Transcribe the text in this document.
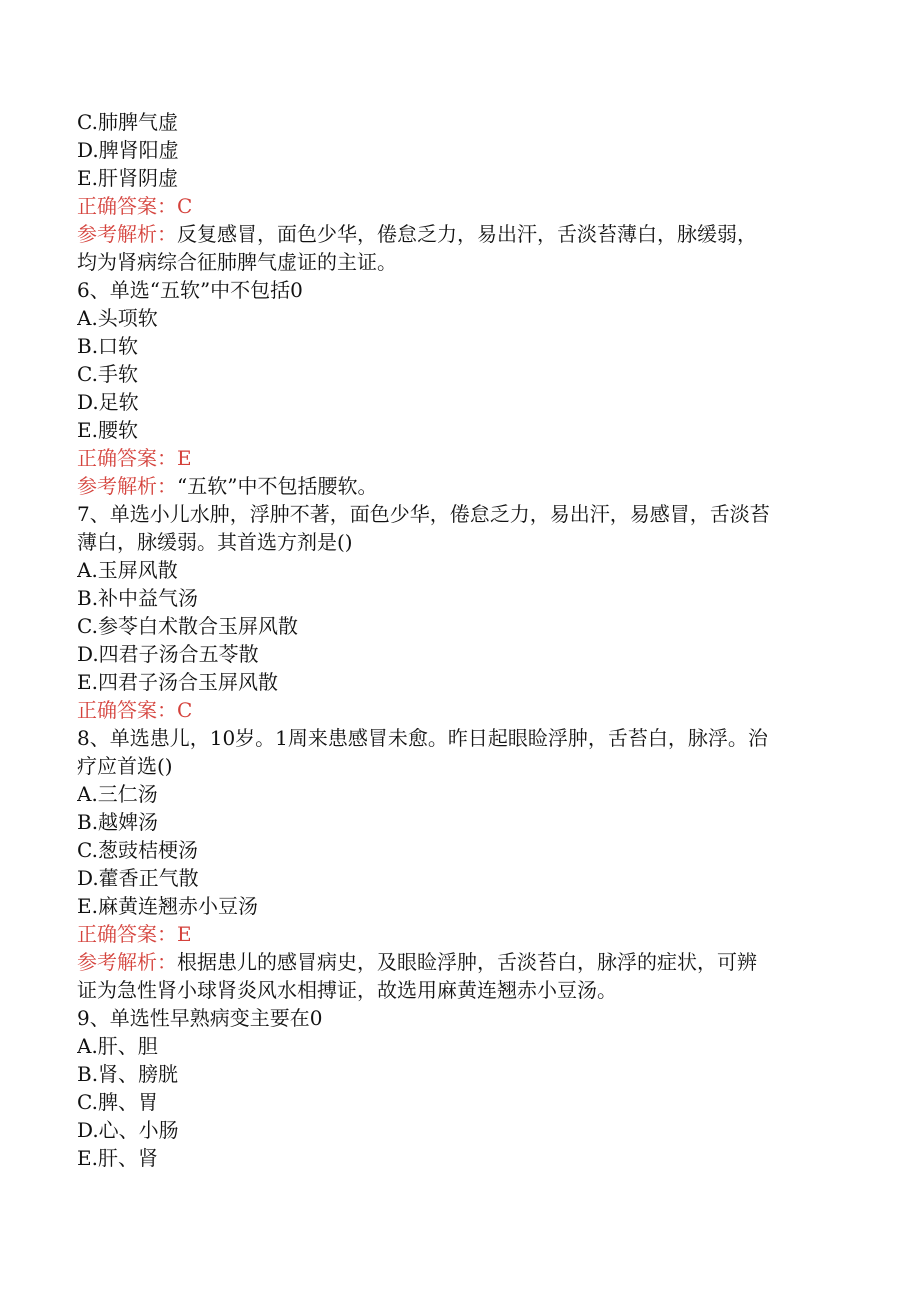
C.肺脾气虚
D.脾肾阳虚
E.肝肾阴虚
正确答案：C
参考解析：反复感冒，面色少华，倦怠乏力，易出汗，舌淡苔薄白，脉缓弱，
均为肾病综合征肺脾气虚证的主证。
6、单选“五软”中不包括0
A.头项软
B.口软
C.手软
D.足软
E.腰软
正确答案：E
参考解析：“五软”中不包括腰软。
7、单选小儿水肿，浮肿不著，面色少华，倦怠乏力，易出汗，易感冒，舌淡苔
薄白，脉缓弱。其首选方剂是()
A.玉屏风散
B.补中益气汤
C.参苓白术散合玉屏风散
D.四君子汤合五苓散
E.四君子汤合玉屏风散
正确答案：C
8、单选患儿，10岁。1周来患感冒未愈。昨日起眼睑浮肿，舌苔白，脉浮。治
疗应首选()
A.三仁汤
B.越婢汤
C.葱豉桔梗汤
D.藿香正气散
E.麻黄连翘赤小豆汤
正确答案：E
参考解析：根据患儿的感冒病史，及眼睑浮肿，舌淡苔白，脉浮的症状，可辨
证为急性肾小球肾炎风水相搏证，故选用麻黄连翘赤小豆汤。
9、单选性早熟病变主要在0
A.肝、胆
B.肾、膀胱
C.脾、胃
D.心、小肠
E.肝、肾
